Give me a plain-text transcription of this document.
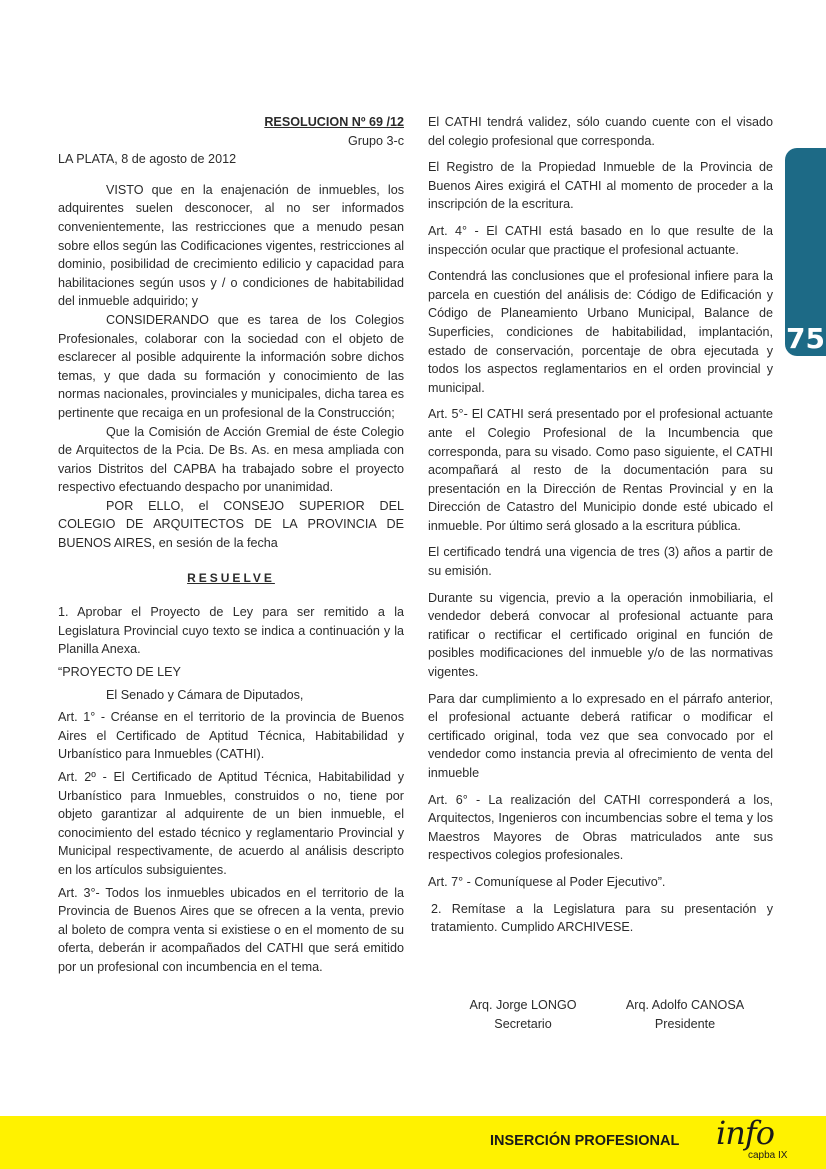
RESOLUCION Nº 69 /12

Grupo 3-c

LA PLATA, 8 de agosto de 2012

VISTO que en la enajenación de inmuebles, los adquirentes suelen desconocer, al no ser informados convenientemente, las restricciones que a menudo pesan sobre ellos según las Codificaciones vigentes, restricciones al dominio, posibilidad de crecimiento edilicio y capacidad para habilitaciones según usos y / o condiciones de habitabilidad del inmueble adquirido; y

CONSIDERANDO que es tarea de los Colegios Profesionales, colaborar con la sociedad con el objeto de esclarecer al posible adquirente la información sobre dichos temas, y que dada su formación y conocimiento de las normas nacionales, provinciales y municipales, dicha tarea es pertinente que recaiga en un profesional de la Construcción;

Que la Comisión de Acción Gremial de éste Colegio de Arquitectos de la Pcia. De Bs. As. en mesa ampliada con varios Distritos del CAPBA ha trabajado sobre el proyecto respectivo efectuando despacho por unanimidad.

POR ELLO, el CONSEJO SUPERIOR DEL COLEGIO DE ARQUITECTOS DE LA PROVINCIA DE BUENOS AIRES, en sesión de la fecha

RESUELVE

1. Aprobar el Proyecto de Ley para ser remitido a la Legislatura Provincial cuyo texto se indica a continuación y la Planilla Anexa.

“PROYECTO DE LEY

El Senado y Cámara de Diputados,

Art. 1° - Créanse en el territorio de la provincia de Buenos Aires el Certificado de Aptitud Técnica, Habitabilidad y Urbanístico para Inmuebles (CATHI).

Art. 2º - El Certificado de Aptitud Técnica, Habitabilidad y Urbanístico para Inmuebles, construidos o no, tiene por objeto garantizar al adquirente de un bien inmueble, el conocimiento del estado técnico y reglamentario Provincial y Municipal respectivamente, de acuerdo al análisis descripto en los artículos subsiguientes.

Art. 3°- Todos los inmuebles ubicados en el territorio de la Provincia de Buenos Aires que se ofrecen a la venta, previo al boleto de compra venta si existiese o en el momento de su oferta, deberán ir acompañados del CATHI que será emitido por un profesional con incumbencia en el tema.

El CATHI tendrá validez, sólo cuando cuente con el visado del colegio profesional que corresponda.

El Registro de la Propiedad Inmueble de la Provincia de Buenos Aires exigirá el CATHI al momento de proceder a la inscripción de la escritura.

Art. 4° - El CATHI está basado en lo que resulte de la inspección ocular que practique el profesional actuante.

Contendrá las conclusiones que el profesional infiere para la parcela en cuestión del análisis de: Código de Edificación y Código de Planeamiento Urbano Municipal, Balance de Superficies, condiciones de habitabilidad, implantación, estado de conservación, porcentaje de obra ejecutada y todos los aspectos reglamentarios en el orden provincial y municipal.

Art. 5°- El CATHI será presentado por el profesional actuante ante el Colegio Profesional de la Incumbencia que corresponda, para su visado. Como paso siguiente, el CATHI acompañará al resto de la documentación para su presentación en la Dirección de Rentas Provincial y en la Dirección de Catastro del Municipio donde esté ubicado el inmueble. Por último será glosado a la escritura pública.

El certificado tendrá una vigencia de tres (3) años a partir de su emisión.

Durante su vigencia, previo a la operación inmobiliaria, el vendedor deberá convocar al profesional actuante para ratificar o rectificar el certificado original en función de posibles modificaciones del inmueble y/o de las normativas vigentes.

Para dar cumplimiento a lo expresado en el párrafo anterior, el profesional actuante deberá ratificar o modificar el certificado original, toda vez que sea convocado por el vendedor como instancia previa al ofrecimiento de venta del inmueble

Art. 6° - La realización del CATHI corresponderá a los, Arquitectos, Ingenieros con incumbencias sobre el tema y los Maestros Mayores de Obras matriculados ante sus respectivos colegios profesionales.

Art. 7° - Comuníquese al Poder Ejecutivo”.

2. Remítase a la Legislatura para su presentación y tratamiento. Cumplido ARCHIVESE.

Arq. Jorge LONGO
Secretario
Arq. Adolfo CANOSA
Presidente
75
INSERCIÓN PROFESIONAL info
capba IX
